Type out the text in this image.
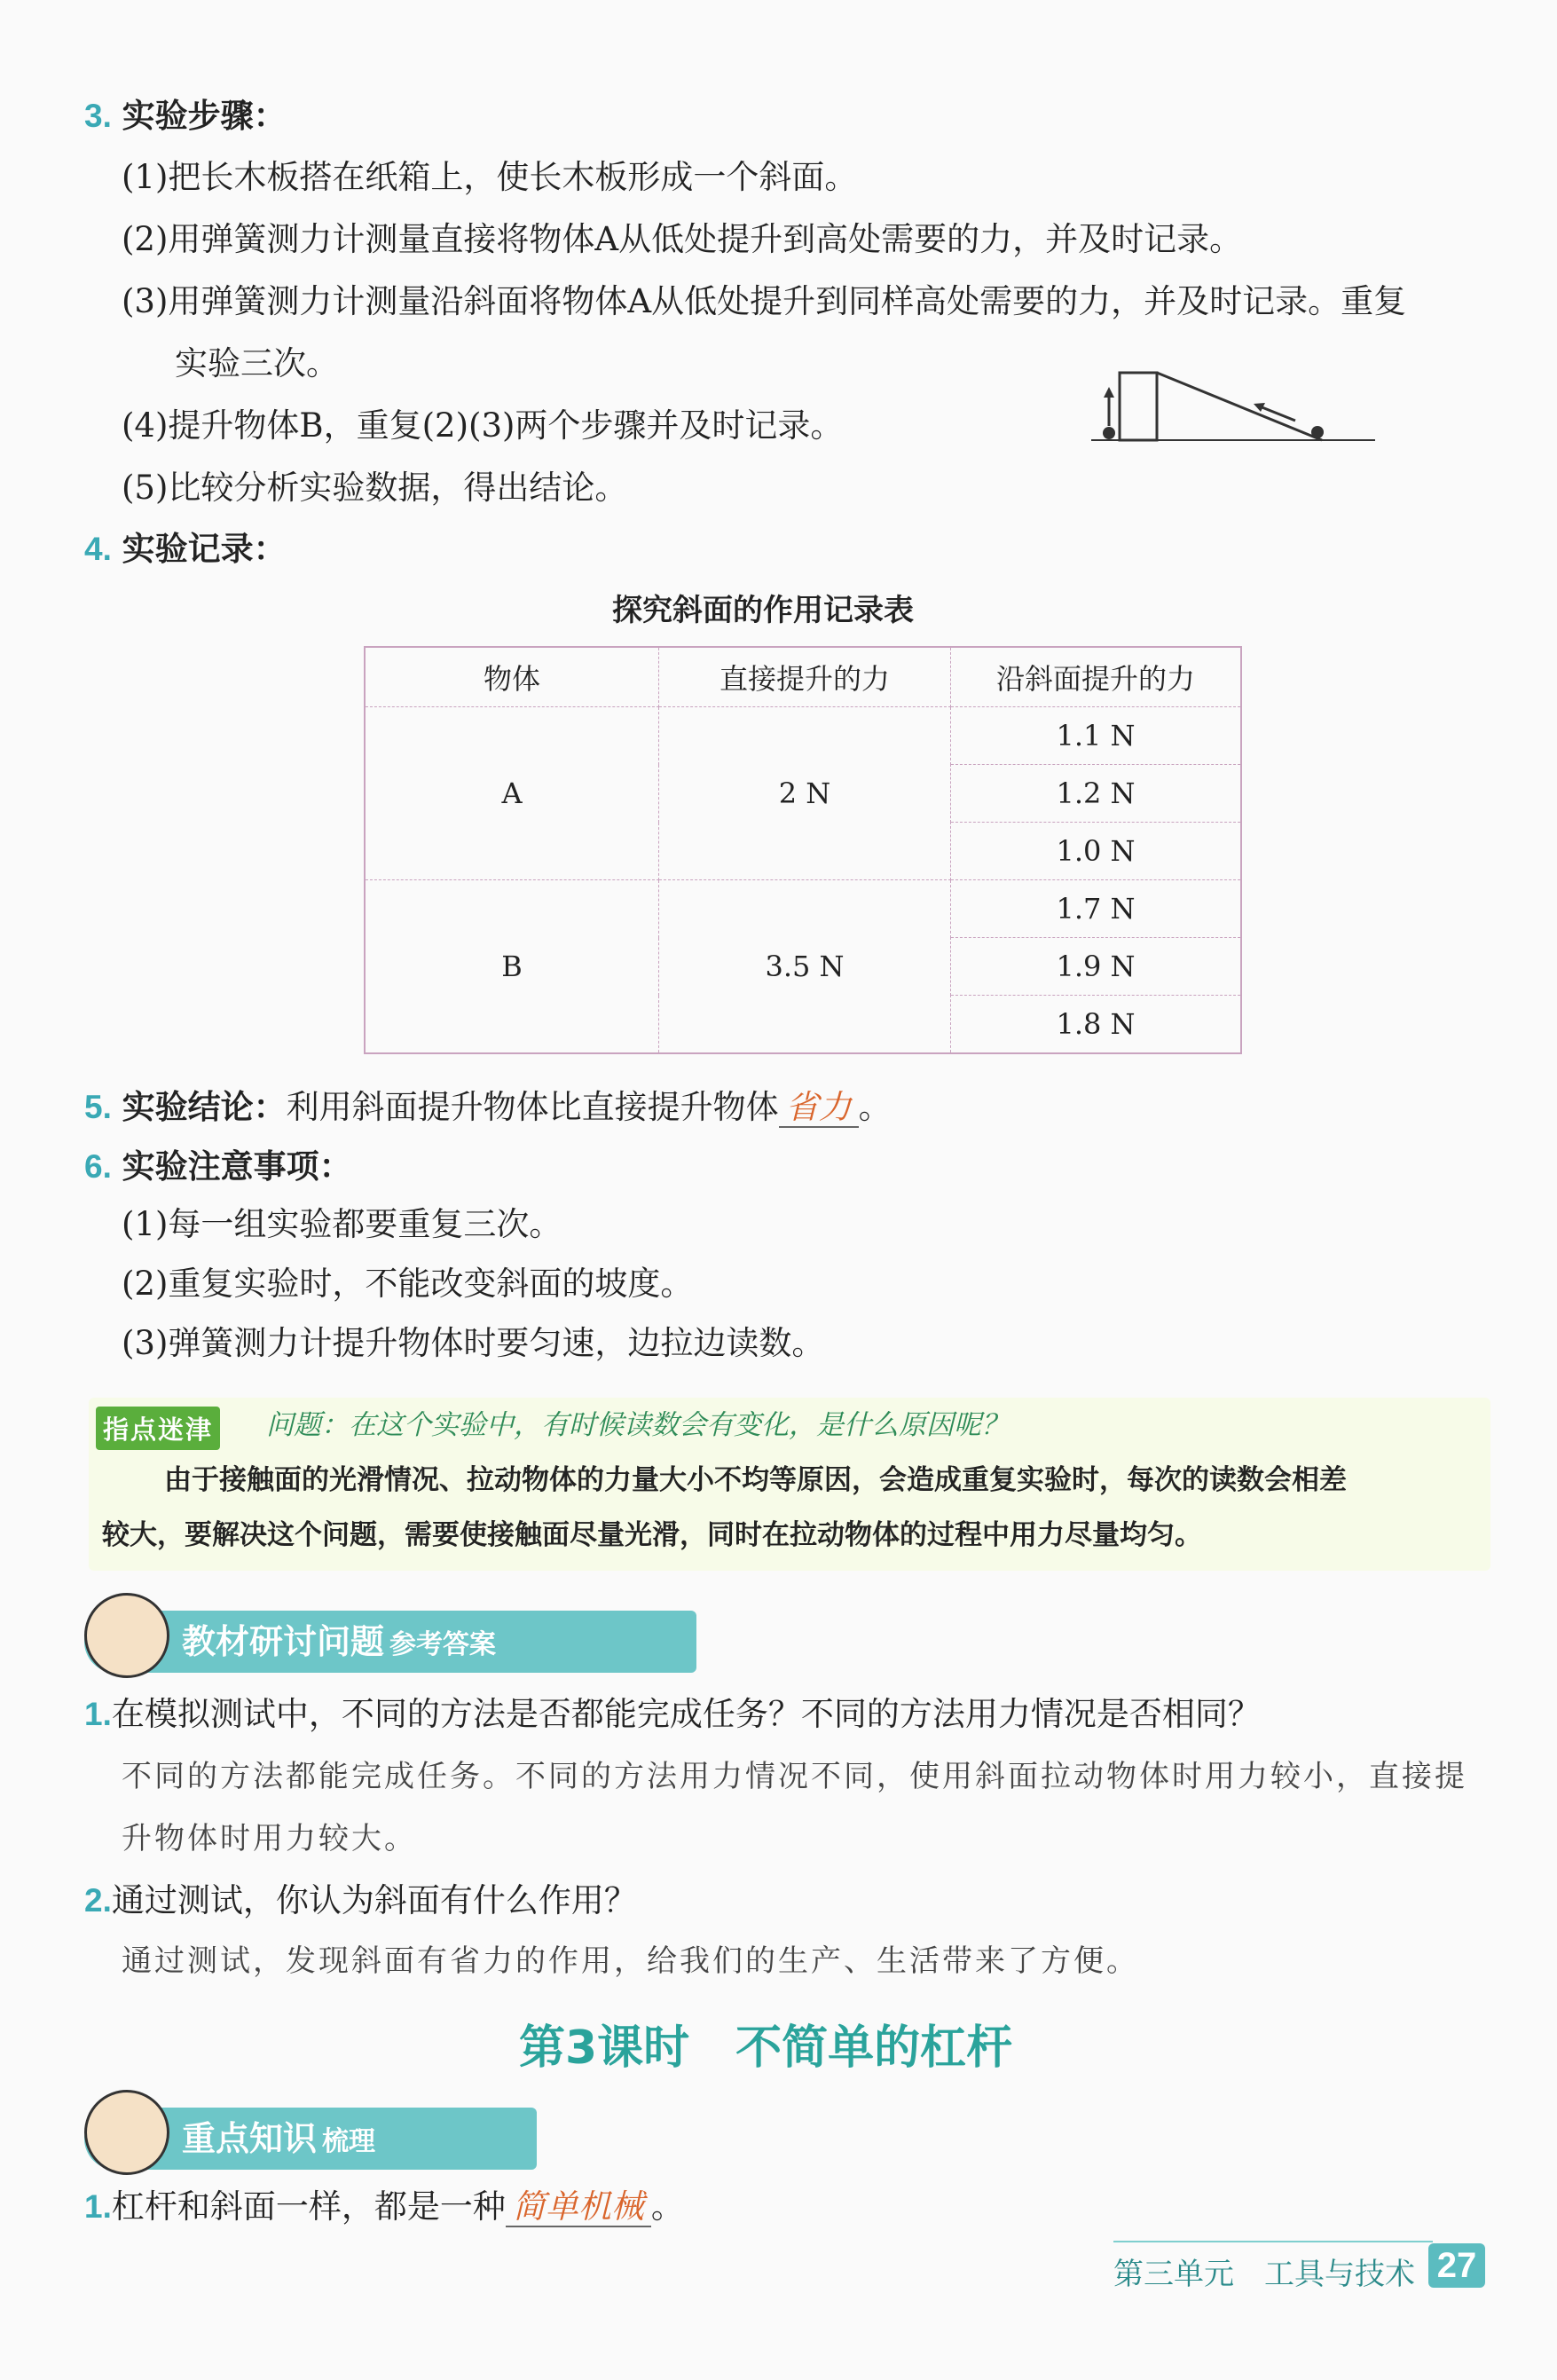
3. 实验步骤：
(1)把长木板搭在纸箱上，使长木板形成一个斜面。
(2)用弹簧测力计测量直接将物体A从低处提升到高处需要的力，并及时记录。
(3)用弹簧测力计测量沿斜面将物体A从低处提升到同样高处需要的力，并及时记录。重复
实验三次。
(4)提升物体B，重复(2)(3)两个步骤并及时记录。
(5)比较分析实验数据，得出结论。
4. 实验记录：
探究斜面的作用记录表
物体	直接提升的力	沿斜面提升的力
A	2 N	1.1 N
		1.2 N
		1.0 N
B	3.5 N	1.7 N
		1.9 N
		1.8 N
5. 实验结论：利用斜面提升物体比直接提升物体 省力 。
6. 实验注意事项：
(1)每一组实验都要重复三次。
(2)重复实验时，不能改变斜面的坡度。
(3)弹簧测力计提升物体时要匀速，边拉边读数。
指点迷津 问题：在这个实验中，有时候读数会有变化，是什么原因呢？
由于接触面的光滑情况、拉动物体的力量大小不均等原因，会造成重复实验时，每次的读数会相差
较大，要解决这个问题，需要使接触面尽量光滑，同时在拉动物体的过程中用力尽量均匀。
教材研讨问题 参考答案
1.在模拟测试中，不同的方法是否都能完成任务？不同的方法用力情况是否相同？
不同的方法都能完成任务。不同的方法用力情况不同，使用斜面拉动物体时用力较小，直接提
升物体时用力较大。
2.通过测试，你认为斜面有什么作用？
通过测试，发现斜面有省力的作用，给我们的生产、生活带来了方便。
第3课时　不简单的杠杆
重点知识 梳理
1.杠杆和斜面一样，都是一种 简单机械 。
第三单元　工具与技术 27
